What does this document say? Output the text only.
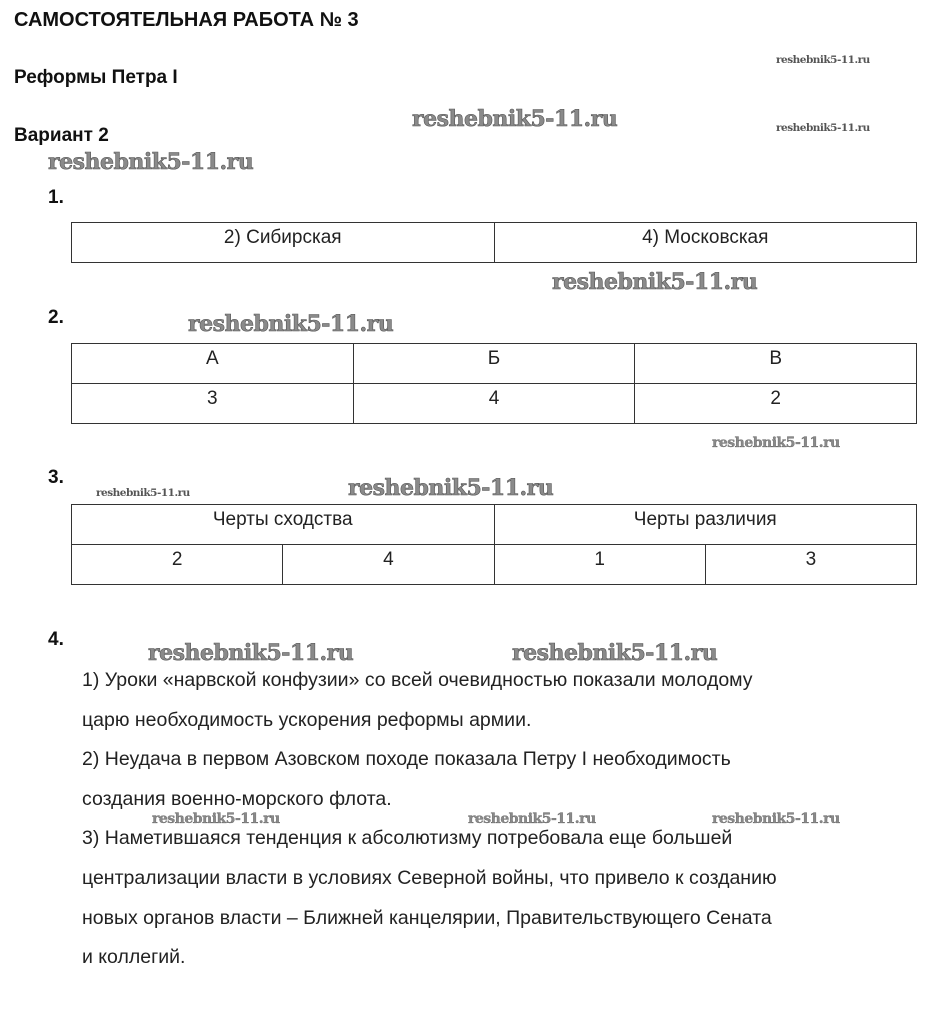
САМОСТОЯТЕЛЬНАЯ РАБОТА № 3
Реформы Петра I
Вариант 2
1.
2) Сибирская	4) Московская
2.
А	Б	В
3	4	2
3.
Черты сходства		Черты различия	
2	4	1	3
4.

1) Уроки «нарвской конфузии» со всей очевидностью показали молодому

царю необходимость ускорения реформы армии.

2) Неудача в первом Азовском походе показала Петру I необходимость

создания военно-морского флота.

3) Наметившаяся тенденция к абсолютизму потребовала еще большей

централизации власти в условиях Северной войны, что привело к созданию

новых органов власти – Ближней канцелярии, Правительствующего Сената

и коллегий.

reshebnik5-11.ru
reshebnik5-11.ru
reshebnik5-11.ru
reshebnik5-11.ru
reshebnik5-11.ru
reshebnik5-11.ru
reshebnik5-11.ru
reshebnik5-11.ru	reshebnik5-11.ru
reshebnik5-11.ru	reshebnik5-11.ru
reshebnik5-11.ru	reshebnik5-11.ru	reshebnik5-11.ru
